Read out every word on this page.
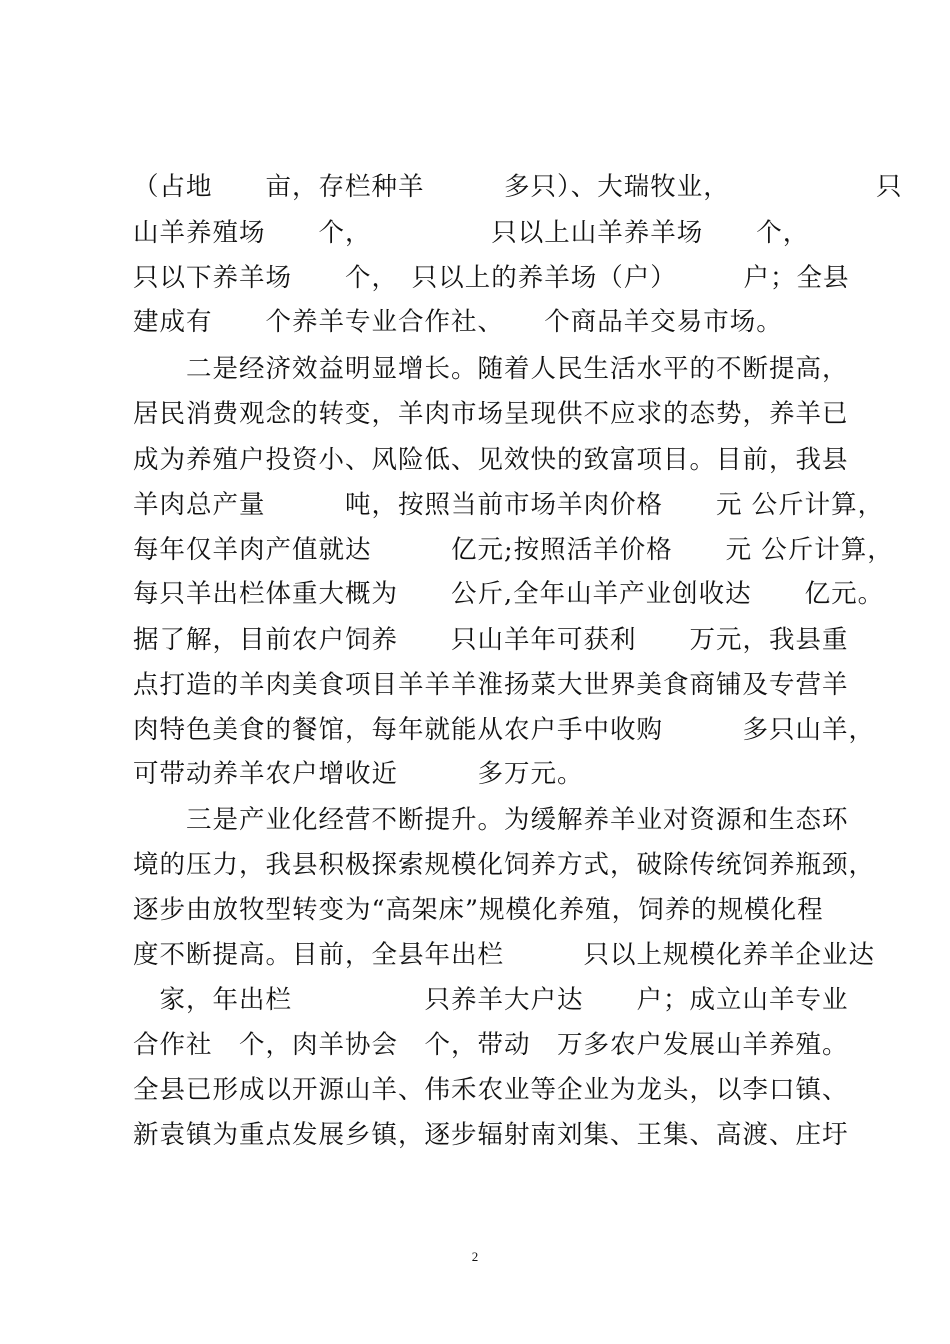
（占地　　亩，存栏种羊　　　多只）、大瑞牧业，　　　　　　只
山羊养殖场　　个，　　　　　只以上山羊养羊场　　个，
只以下养羊场　　个，　只以上的养羊场（户）　　　户；全县
建成有　　个养羊专业合作社、　　个商品羊交易市场。
　　二是经济效益明显增长。随着人民生活水平的不断提高，
居民消费观念的转变，羊肉市场呈现供不应求的态势，养羊已
成为养殖户投资小、风险低、见效快的致富项目。目前，我县
羊肉总产量　　　吨，按照当前市场羊肉价格　　元 公斤计算，
每年仅羊肉产值就达　　　亿元;按照活羊价格　　元 公斤计算，
每只羊出栏体重大概为　　公斤,全年山羊产业创收达　　亿元。
据了解，目前农户饲养　　只山羊年可获利　　万元，我县重
点打造的羊肉美食项目羊羊羊淮扬菜大世界美食商铺及专营羊
肉特色美食的餐馆，每年就能从农户手中收购　　　多只山羊，
可带动养羊农户增收近　　　多万元。
　　三是产业化经营不断提升。为缓解养羊业对资源和生态环
境的压力，我县积极探索规模化饲养方式，破除传统饲养瓶颈，
逐步由放牧型转变为“高架床”规模化养殖，饲养的规模化程
度不断提高。目前，全县年出栏　　　只以上规模化养羊企业达
　家，年出栏　　　　　只养羊大户达　　户；成立山羊专业
合作社　个，肉羊协会　个，带动　万多农户发展山羊养殖。
全县已形成以开源山羊、伟禾农业等企业为龙头，以李口镇、
新袁镇为重点发展乡镇，逐步辐射南刘集、王集、高渡、庄圩
2
